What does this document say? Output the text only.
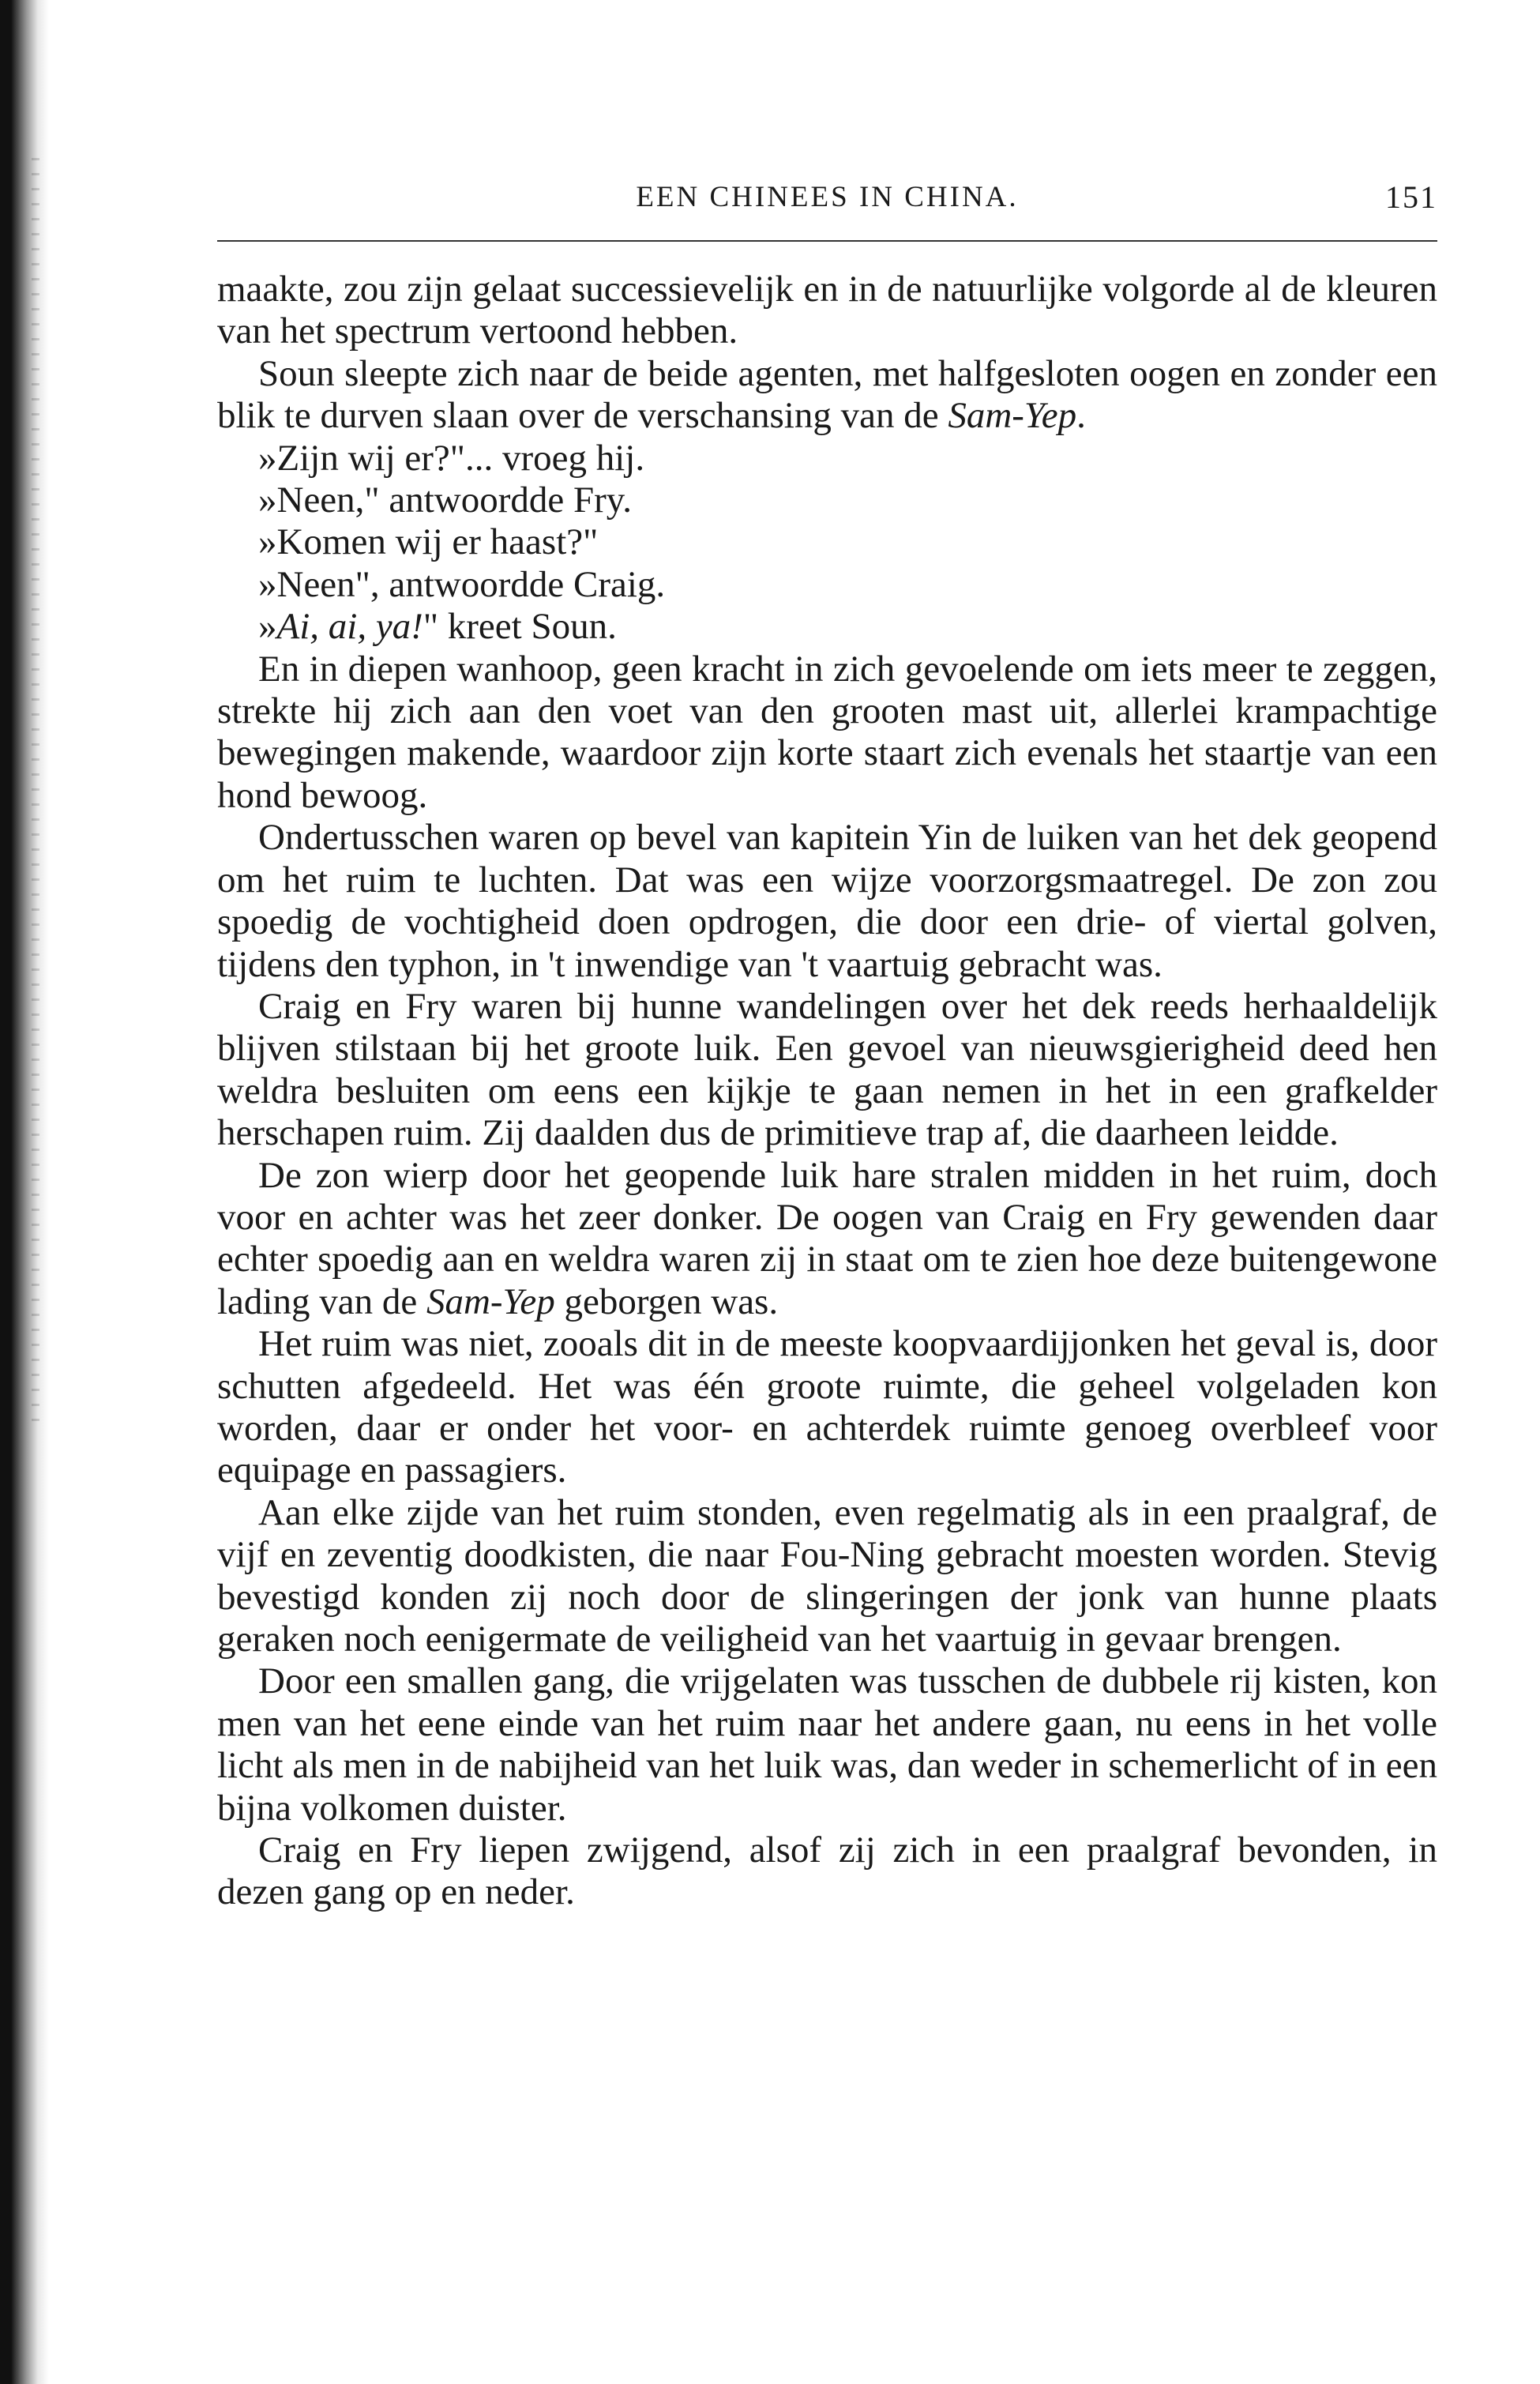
EEN CHINEES IN CHINA.	151

maakte, zou zijn gelaat successievelijk en in de natuurlijke volgorde al de kleuren van het spectrum vertoond hebben.

Soun sleepte zich naar de beide agenten, met halfgesloten oogen en zonder een blik te durven slaan over de verschansing van de Sam-Yep.

»Zijn wij er?"... vroeg hij.

»Neen," antwoordde Fry.

»Komen wij er haast?"

»Neen", antwoordde Craig.

»Ai, ai, ya!" kreet Soun.

En in diepen wanhoop, geen kracht in zich gevoelende om iets meer te zeggen, strekte hij zich aan den voet van den grooten mast uit, allerlei krampachtige bewegingen makende, waardoor zijn korte staart zich evenals het staartje van een hond bewoog.

Ondertusschen waren op bevel van kapitein Yin de luiken van het dek geopend om het ruim te luchten. Dat was een wijze voorzorgsmaatregel. De zon zou spoedig de vochtigheid doen opdrogen, die door een drie- of viertal golven, tijdens den typhon, in 't inwendige van 't vaartuig gebracht was.

Craig en Fry waren bij hunne wandelingen over het dek reeds herhaaldelijk blijven stilstaan bij het groote luik. Een gevoel van nieuwsgierigheid deed hen weldra besluiten om eens een kijkje te gaan nemen in het in een grafkelder herschapen ruim. Zij daalden dus de primitieve trap af, die daarheen leidde.

De zon wierp door het geopende luik hare stralen midden in het ruim, doch voor en achter was het zeer donker. De oogen van Craig en Fry gewenden daar echter spoedig aan en weldra waren zij in staat om te zien hoe deze buitengewone lading van de Sam-Yep geborgen was.

Het ruim was niet, zooals dit in de meeste koopvaardijjonken het geval is, door schutten afgedeeld. Het was één groote ruimte, die geheel volgeladen kon worden, daar er onder het voor- en achterdek ruimte genoeg overbleef voor equipage en passagiers.

Aan elke zijde van het ruim stonden, even regelmatig als in een praalgraf, de vijf en zeventig doodkisten, die naar Fou-Ning gebracht moesten worden. Stevig bevestigd konden zij noch door de slingeringen der jonk van hunne plaats geraken noch eenigermate de veiligheid van het vaartuig in gevaar brengen.

Door een smallen gang, die vrijgelaten was tusschen de dubbele rij kisten, kon men van het eene einde van het ruim naar het andere gaan, nu eens in het volle licht als men in de nabijheid van het luik was, dan weder in schemerlicht of in een bijna volkomen duister.

Craig en Fry liepen zwijgend, alsof zij zich in een praalgraf bevonden, in dezen gang op en neder.
